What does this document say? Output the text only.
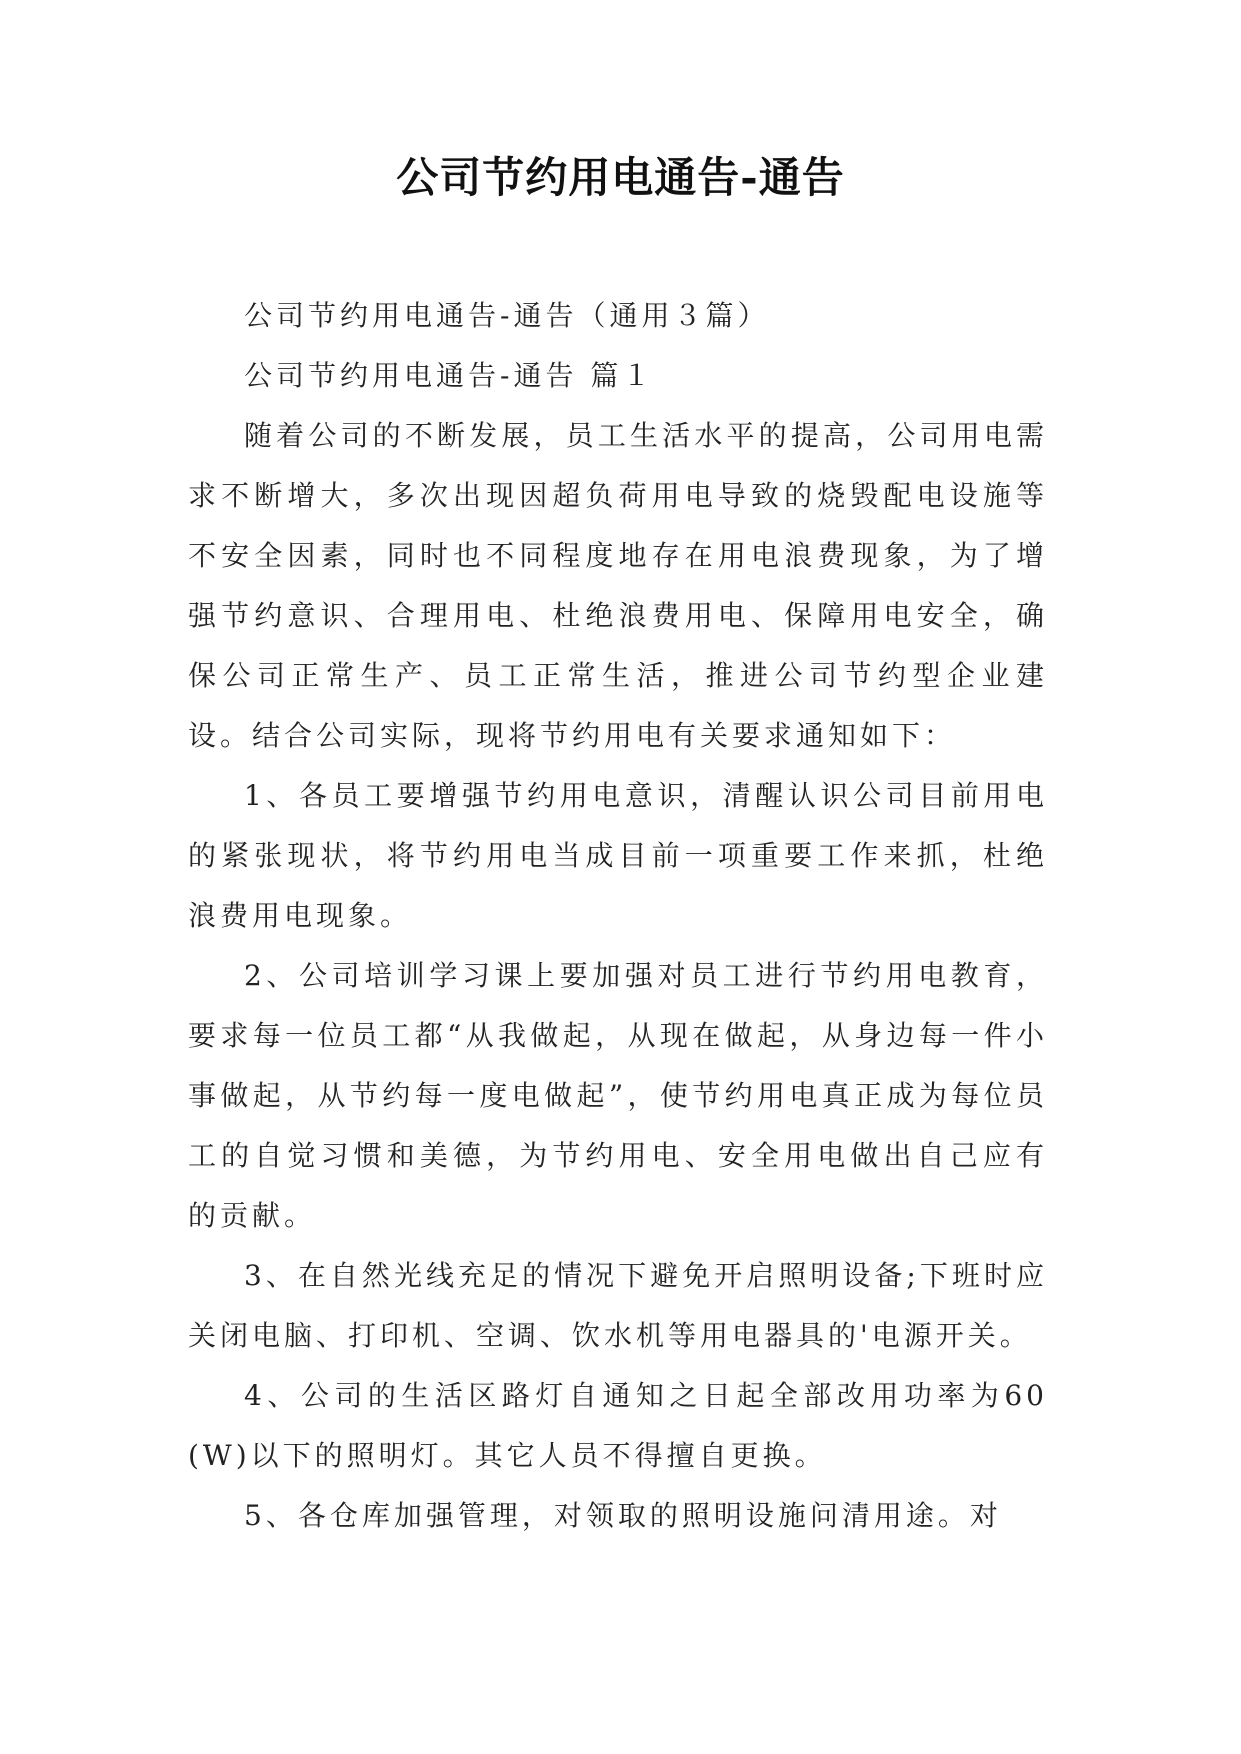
公司节约用电通告-通告

公司节约用电通告-通告（通用３篇）

公司节约用电通告-通告 篇１

随着公司的不断发展，员工生活水平的提高，公司用电需求不断增大，多次出现因超负荷用电导致的烧毁配电设施等不安全因素，同时也不同程度地存在用电浪费现象，为了增强节约意识、合理用电、杜绝浪费用电、保障用电安全，确保公司正常生产、员工正常生活，推进公司节约型企业建设。结合公司实际，现将节约用电有关要求通知如下：

1、各员工要增强节约用电意识，清醒认识公司目前用电的紧张现状，将节约用电当成目前一项重要工作来抓，杜绝浪费用电现象。

2、公司培训学习课上要加强对员工进行节约用电教育，要求每一位员工都“从我做起，从现在做起，从身边每一件小事做起，从节约每一度电做起”，使节约用电真正成为每位员工的自觉习惯和美德，为节约用电、安全用电做出自己应有的贡献。

3、在自然光线充足的情况下避免开启照明设备;下班时应关闭电脑、打印机、空调、饮水机等用电器具的'电源开关。

4、公司的生活区路灯自通知之日起全部改用功率为60(W)以下的照明灯。其它人员不得擅自更换。

5、各仓库加强管理，对领取的照明设施问清用途。对
